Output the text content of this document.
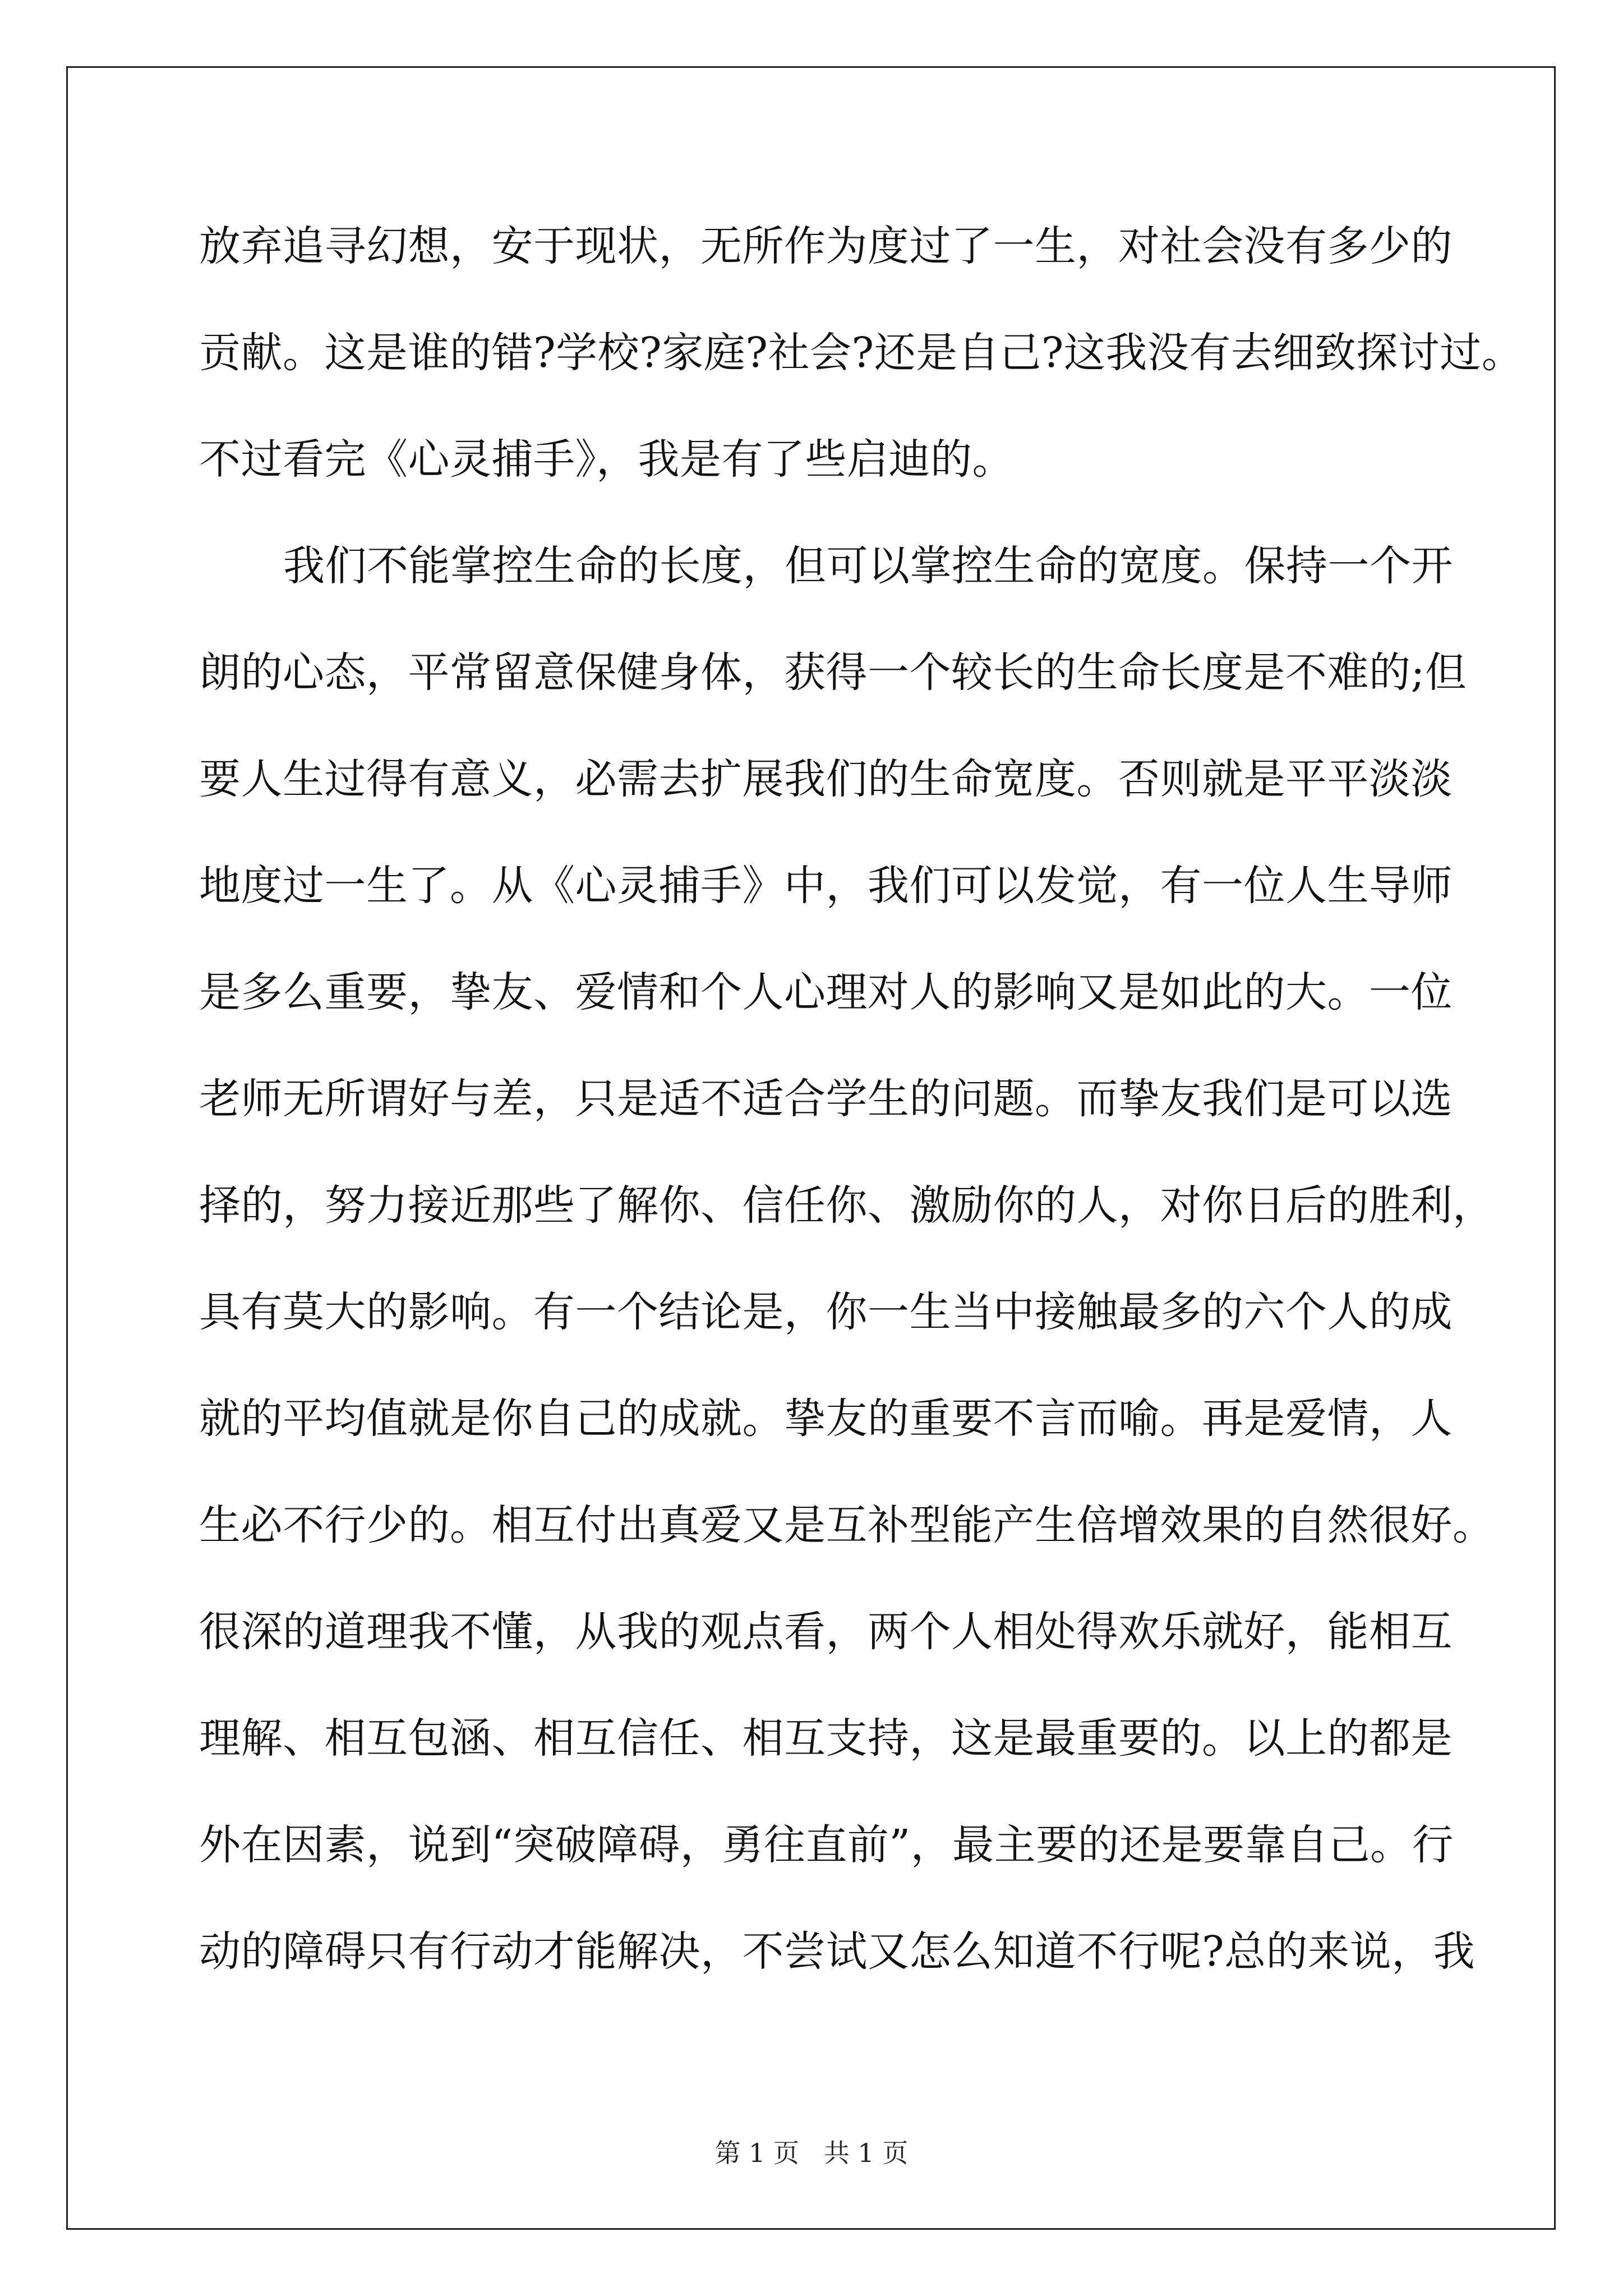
放弃追寻幻想，安于现状，无所作为度过了一生，对社会没有多少的
贡献。这是谁的错?学校?家庭?社会?还是自己?这我没有去细致探讨过。
不过看完《心灵捕手》，我是有了些启迪的。
我们不能掌控生命的长度，但可以掌控生命的宽度。保持一个开
朗的心态，平常留意保健身体，获得一个较长的生命长度是不难的;但
要人生过得有意义，必需去扩展我们的生命宽度。否则就是平平淡淡
地度过一生了。从《心灵捕手》中，我们可以发觉，有一位人生导师
是多么重要，挚友、爱情和个人心理对人的影响又是如此的大。一位
老师无所谓好与差，只是适不适合学生的问题。而挚友我们是可以选
择的，努力接近那些了解你、信任你、激励你的人，对你日后的胜利，
具有莫大的影响。有一个结论是，你一生当中接触最多的六个人的成
就的平均值就是你自己的成就。挚友的重要不言而喻。再是爱情，人
生必不行少的。相互付出真爱又是互补型能产生倍增效果的自然很好。
很深的道理我不懂，从我的观点看，两个人相处得欢乐就好，能相互
理解、相互包涵、相互信任、相互支持，这是最重要的。以上的都是
外在因素，说到“突破障碍，勇往直前”，最主要的还是要靠自己。行
动的障碍只有行动才能解决，不尝试又怎么知道不行呢?总的来说，我
第 1 页   共 1 页
